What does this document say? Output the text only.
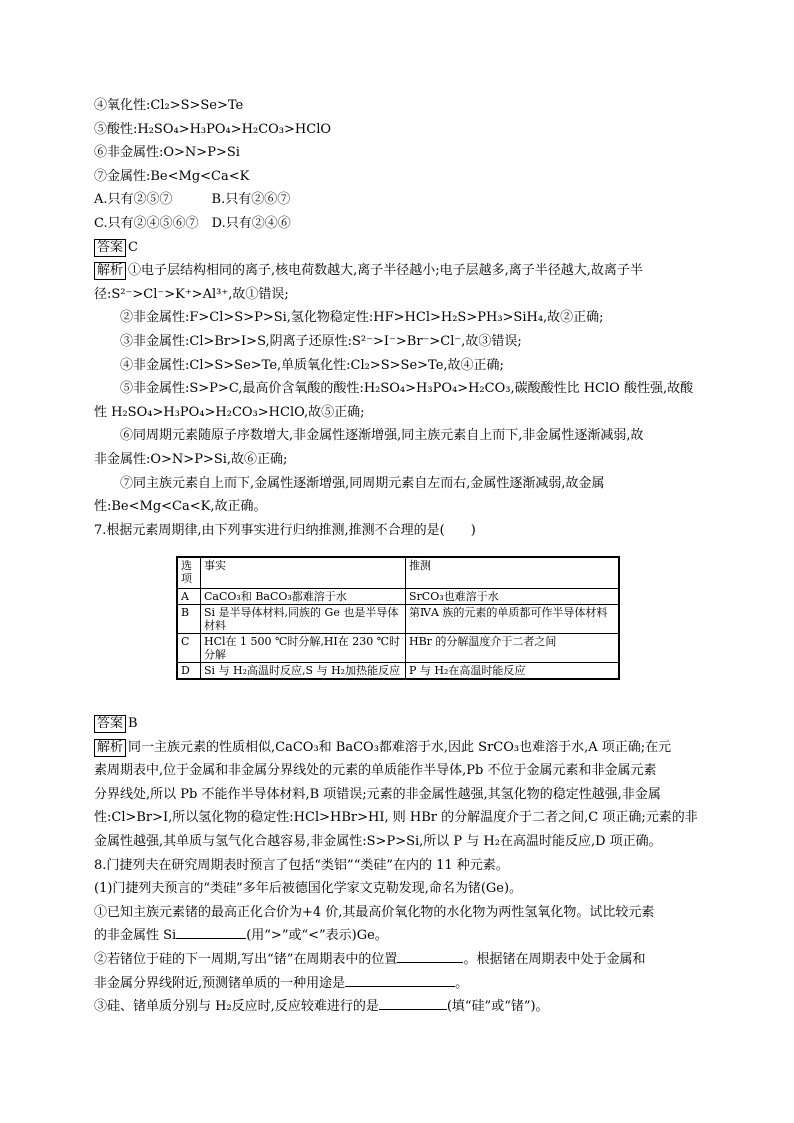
④氧化性:Cl₂>S>Se>Te
⑤酸性:H₂SO₄>H₃PO₄>H₂CO₃>HClO
⑥非金属性:O>N>P>Si
⑦金属性:Be<Mg<Ca<K
A.只有②⑤⑦　　　B.只有②⑥⑦
C.只有②④⑤⑥⑦　D.只有②④⑥
答案 C
解析 ①电子层结构相同的离子,核电荷数越大,离子半径越小;电子层越多,离子半径越大,故离子半
径:S²⁻>Cl⁻>K⁺>Al³⁺,故①错误;
②非金属性:F>Cl>S>P>Si,氢化物稳定性:HF>HCl>H₂S>PH₃>SiH₄,故②正确;
③非金属性:Cl>Br>I>S,阴离子还原性:S²⁻>I⁻>Br⁻>Cl⁻,故③错误;
④非金属性:Cl>S>Se>Te,单质氧化性:Cl₂>S>Se>Te,故④正确;
⑤非金属性:S>P>C,最高价含氧酸的酸性:H₂SO₄>H₃PO₄>H₂CO₃,碳酸酸性比 HClO 酸性强,故酸
性 H₂SO₄>H₃PO₄>H₂CO₃>HClO,故⑤正确;
⑥同周期元素随原子序数增大,非金属性逐渐增强,同主族元素自上而下,非金属性逐渐减弱,故
非金属性:O>N>P>Si,故⑥正确;
⑦同主族元素自上而下,金属性逐渐增强,同周期元素自左而右,金属性逐渐减弱,故金属
性:Be<Mg<Ca<K,故正确。
7.根据元素周期律,由下列事实进行归纳推测,推测不合理的是(　　)
选项	事实	推测
A	CaCO₃和 BaCO₃都难溶于水	SrCO₃也难溶于水
B	Si 是半导体材料,同族的 Ge 也是半导体材料	第ⅣA 族的元素的单质都可作半导体材料
C	HCl在 1 500 ℃时分解,HI在 230 ℃时分解	HBr 的分解温度介于二者之间
D	Si 与 H₂高温时反应,S 与 H₂加热能反应	P 与 H₂在高温时能反应
答案 B
解析 同一主族元素的性质相似,CaCO₃和 BaCO₃都难溶于水,因此 SrCO₃也难溶于水,A 项正确;在元
素周期表中,位于金属和非金属分界线处的元素的单质能作半导体,Pb 不位于金属元素和非金属元素
分界线处,所以 Pb 不能作半导体材料,B 项错误;元素的非金属性越强,其氢化物的稳定性越强,非金属
性:Cl>Br>I,所以氢化物的稳定性:HCl>HBr>HI, 则 HBr 的分解温度介于二者之间,C 项正确;元素的非
金属性越强,其单质与氢气化合越容易,非金属性:S>P>Si,所以 P 与 H₂在高温时能反应,D 项正确。
8.门捷列夫在研究周期表时预言了包括“类铝”“类硅”在内的 11 种元素。
(1)门捷列夫预言的“类硅”多年后被德国化学家文克勒发现,命名为锗(Ge)。
①已知主族元素锗的最高正化合价为+4 价,其最高价氧化物的水化物为两性氢氧化物。试比较元素
的非金属性 Si	(用“>”或“<”表示)Ge。
②若锗位于硅的下一周期,写出“锗”在周期表中的位置	。根据锗在周期表中处于金属和
非金属分界线附近,预测锗单质的一种用途是	。
③硅、锗单质分别与 H₂反应时,反应较难进行的是	(填“硅”或“锗”)。
